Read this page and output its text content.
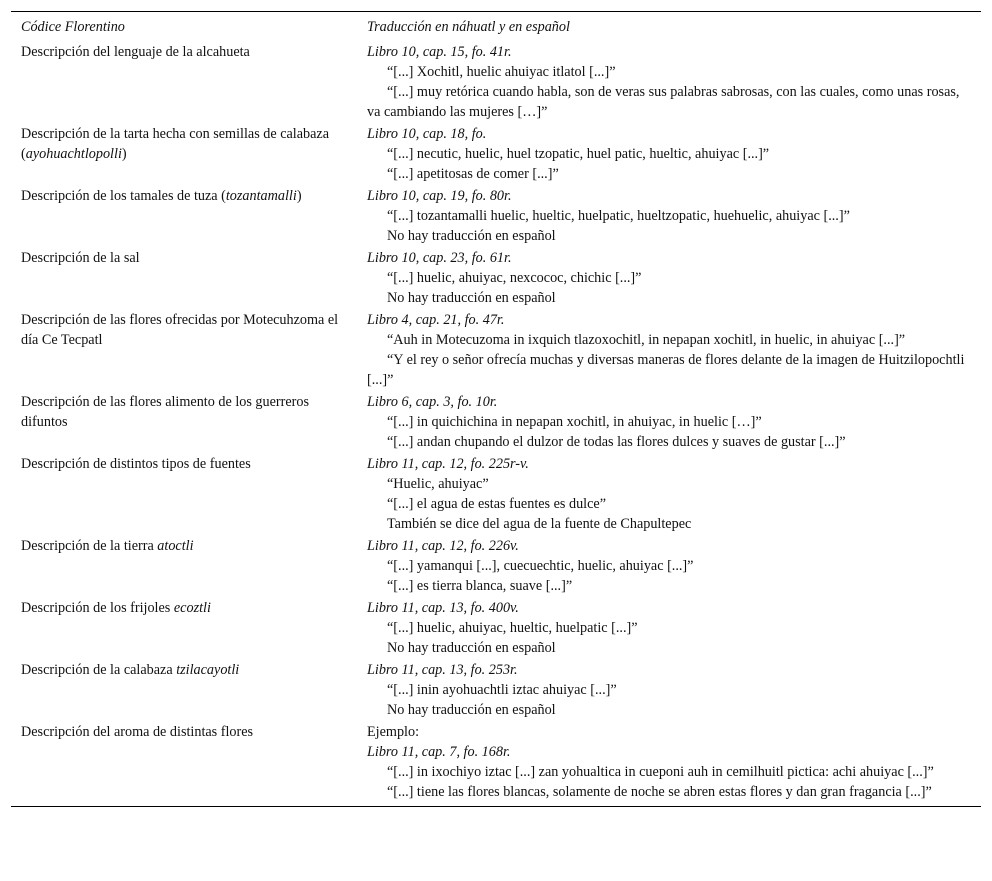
Códice Florentino	Traducción en náhuatl y en español
Descripción del lenguaje de la alcahueta	Libro 10, cap. 15, fo. 41r.
“[...] Xochitl, huelic ahuiyac itlatol [...]”
“[...] muy retórica cuando habla, son de veras sus palabras sabrosas, con las cuales, como unas rosas, va cambiando las mujeres […]”

Descripción de la tarta hecha con semillas de calabaza (ayohuachtlopolli)	Libro 10, cap. 18, fo.
“[...] necutic, huelic, huel tzopatic, huel patic, hueltic, ahuiyac [...]”
“[...] apetitosas de comer [...]”

Descripción de los tamales de tuza (tozantamalli)	Libro 10, cap. 19, fo. 80r.
“[...] tozantamalli huelic, hueltic, huelpatic, hueltzopatic, huehuelic, ahuiyac [...]”
No hay traducción en español

Descripción de la sal	Libro 10, cap. 23, fo. 61r.
“[...] huelic, ahuiyac, nexcococ, chichic [...]”
No hay traducción en español

Descripción de las flores ofrecidas por Motecuhzoma el día Ce Tecpatl	Libro 4, cap. 21, fo. 47r.
“Auh in Motecuzoma in ixquich tlazoxochitl, in nepapan xochitl, in huelic, in ahuiyac [...]”
“Y el rey o señor ofrecía muchas y diversas maneras de flores delante de la imagen de Huitzilopochtli [...]”

Descripción de las flores alimento de los guerreros difuntos	Libro 6, cap. 3, fo. 10r.
“[...] in quichichina in nepapan xochitl, in ahuiyac, in huelic […]”
“[...] andan chupando el dulzor de todas las flores dulces y suaves de gustar [...]”

Descripción de distintos tipos de fuentes	Libro 11, cap. 12, fo. 225r-v.
“Huelic, ahuiyac”
“[...] el agua de estas fuentes es dulce”
También se dice del agua de la fuente de Chapultepec

Descripción de la tierra atoctli	Libro 11, cap. 12, fo. 226v.
“[...] yamanqui [...], cuecuechtic, huelic, ahuiyac [...]”
“[...] es tierra blanca, suave [...]”

Descripción de los frijoles ecoztli	Libro 11, cap. 13, fo. 400v.
“[...] huelic, ahuiyac, hueltic, huelpatic [...]”
No hay traducción en español

Descripción de la calabaza tzilacayotli	Libro 11, cap. 13, fo. 253r.
“[...] inin ayohuachtli iztac ahuiyac [...]”
No hay traducción en español

Descripción del aroma de distintas flores	Ejemplo:
Libro 11, cap. 7, fo. 168r.
“[...] in ixochiyo iztac [...] zan yohualtica in cueponi auh in cemilhuitl pictica: achi ahuiyac [...]”
“[...] tiene las flores blancas, solamente de noche se abren estas flores y dan gran fragancia [...]”
